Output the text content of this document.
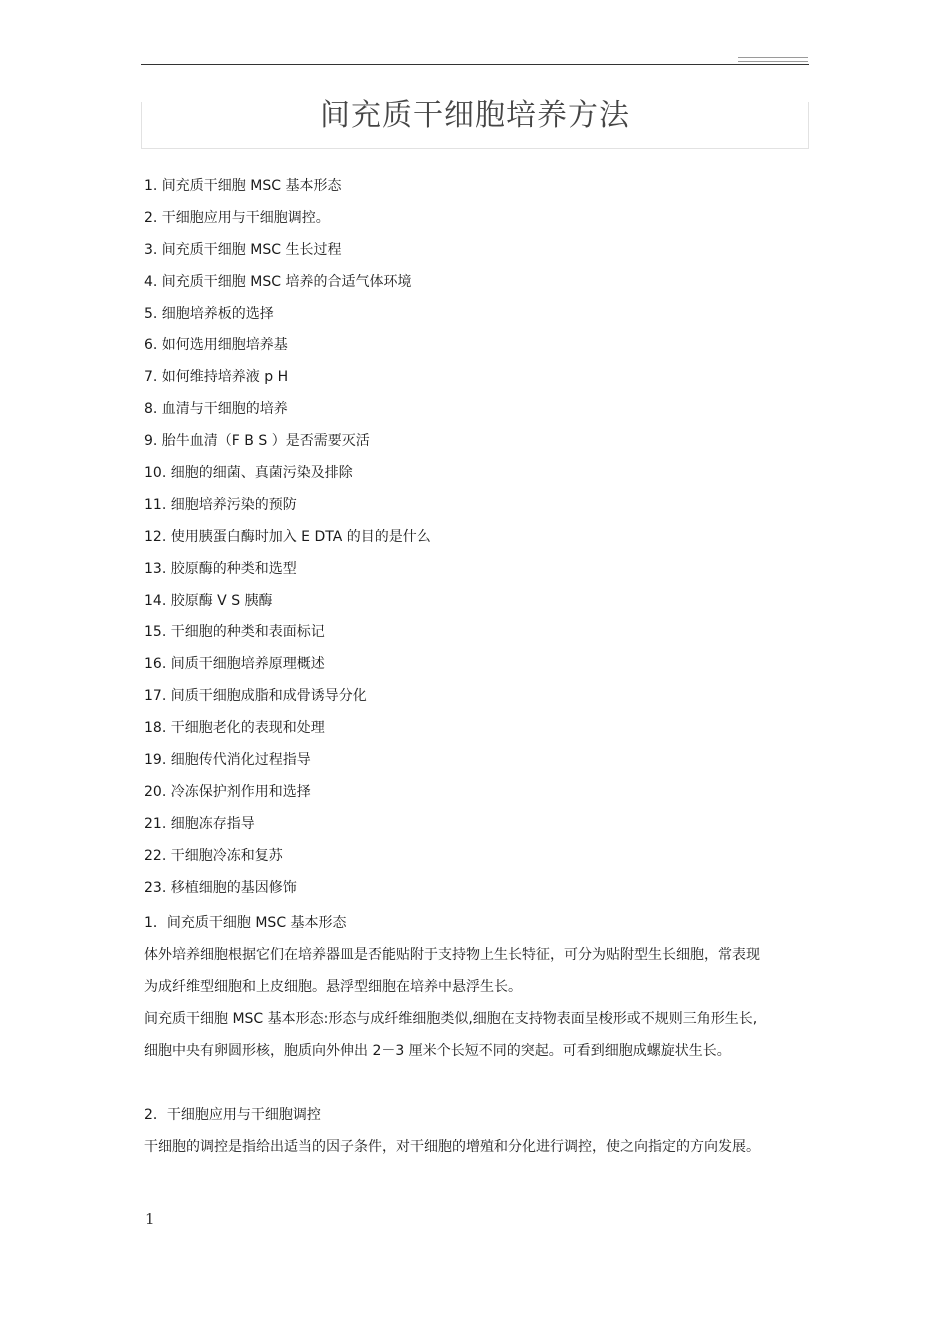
间充质干细胞培养方法
1. 间充质干细胞 MSC 基本形态
2. 干细胞应用与干细胞调控。
3. 间充质干细胞 MSC 生长过程
4. 间充质干细胞 MSC 培养的合适气体环境
5. 细胞培养板的选择
6. 如何选用细胞培养基
7. 如何维持培养液 p H
8. 血清与干细胞的培养
9. 胎牛血清（F B S ）是否需要灭活
10. 细胞的细菌、真菌污染及排除
11. 细胞培养污染的预防
12. 使用胰蛋白酶时加入 E DTA 的目的是什么
13. 胶原酶的种类和选型
14. 胶原酶 V S 胰酶
15. 干细胞的种类和表面标记
16. 间质干细胞培养原理概述
17. 间质干细胞成脂和成骨诱导分化
18. 干细胞老化的表现和处理
19. 细胞传代消化过程指导
20. 冷冻保护剂作用和选择
21. 细胞冻存指导
22. 干细胞冷冻和复苏
23. 移植细胞的基因修饰

1．间充质干细胞 MSC 基本形态

体外培养细胞根据它们在培养器皿是否能贴附于支持物上生长特征，可分为贴附型生长细胞，常表现

为成纤维型细胞和上皮细胞。悬浮型细胞在培养中悬浮生长。

间充质干细胞 MSC 基本形态:形态与成纤维细胞类似,细胞在支持物表面呈梭形或不规则三角形生长,

细胞中央有卵圆形核，胞质向外伸出 2－3 厘米个长短不同的突起。可看到细胞成螺旋状生长。

2．干细胞应用与干细胞调控

干细胞的调控是指给出适当的因子条件，对干细胞的增殖和分化进行调控，使之向指定的方向发展。

1
